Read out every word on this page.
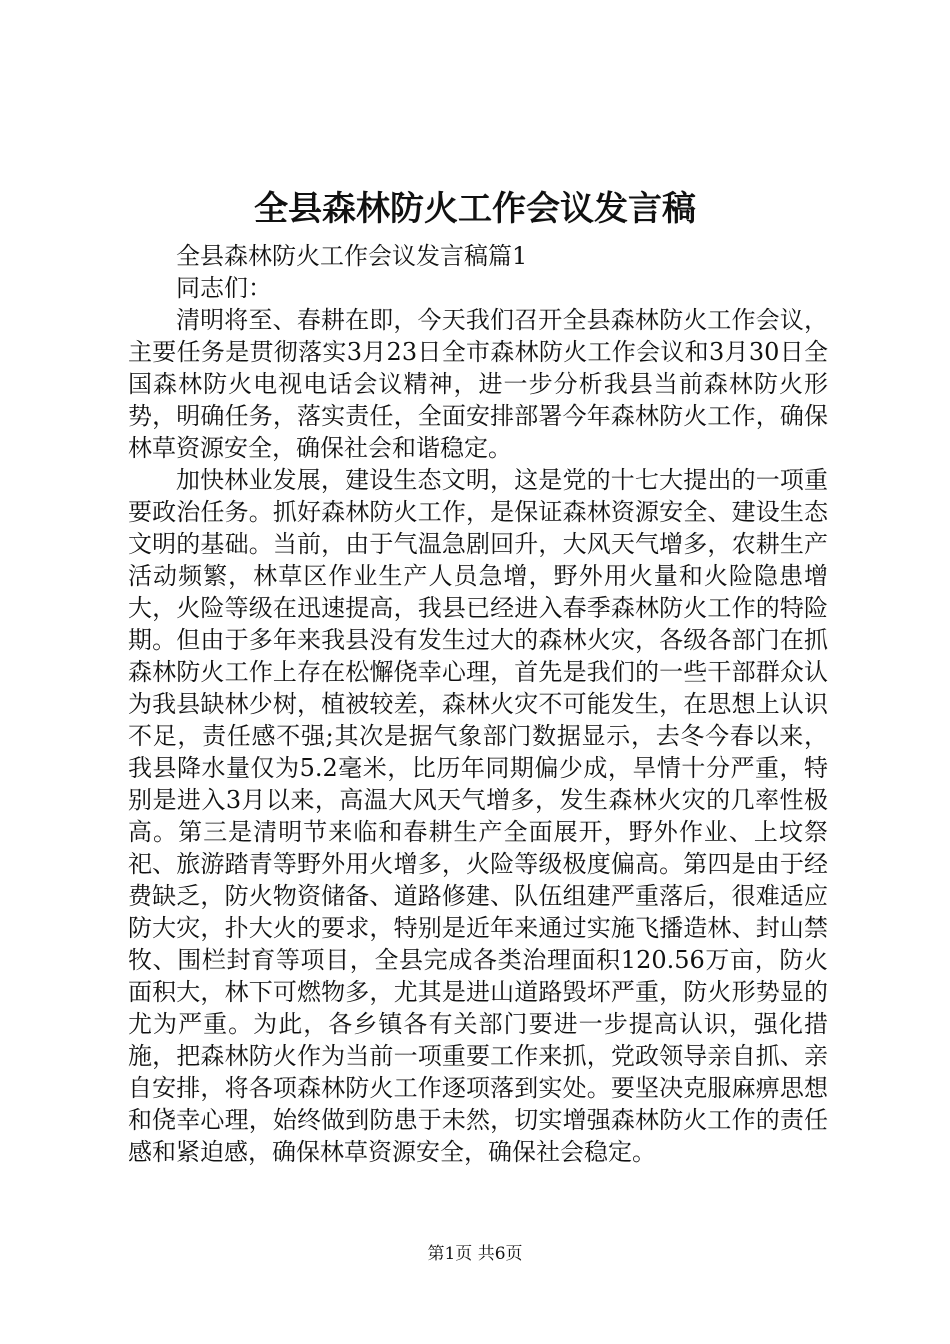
全县森林防火工作会议发言稿

全县森林防火工作会议发言稿篇1

同志们：

清明将至、春耕在即，今天我们召开全县森林防火工作会议，主要任务是贯彻落实3月23日全市森林防火工作会议和3月30日全国森林防火电视电话会议精神，进一步分析我县当前森林防火形势，明确任务，落实责任，全面安排部署今年森林防火工作，确保林草资源安全，确保社会和谐稳定。

加快林业发展，建设生态文明，这是党的十七大提出的一项重要政治任务。抓好森林防火工作，是保证森林资源安全、建设生态文明的基础。当前，由于气温急剧回升，大风天气增多，农耕生产活动频繁，林草区作业生产人员急增，野外用火量和火险隐患增大，火险等级在迅速提高，我县已经进入春季森林防火工作的特险期。但由于多年来我县没有发生过大的森林火灾，各级各部门在抓森林防火工作上存在松懈侥幸心理，首先是我们的一些干部群众认为我县缺林少树，植被较差，森林火灾不可能发生，在思想上认识不足，责任感不强;其次是据气象部门数据显示，去冬今春以来，我县降水量仅为5.2毫米，比历年同期偏少成，旱情十分严重，特别是进入3月以来，高温大风天气增多，发生森林火灾的几率性极高。第三是清明节来临和春耕生产全面展开，野外作业、上坟祭祀、旅游踏青等野外用火增多，火险等级极度偏高。第四是由于经费缺乏，防火物资储备、道路修建、队伍组建严重落后，很难适应防大灾，扑大火的要求，特别是近年来通过实施飞播造林、封山禁牧、围栏封育等项目，全县完成各类治理面积120.56万亩，防火面积大，林下可燃物多，尤其是进山道路毁坏严重，防火形势显的尤为严重。为此，各乡镇各有关部门要进一步提高认识，强化措施，把森林防火作为当前一项重要工作来抓，党政领导亲自抓、亲自安排，将各项森林防火工作逐项落到实处。要坚决克服麻痹思想和侥幸心理，始终做到防患于未然，切实增强森林防火工作的责任感和紧迫感，确保林草资源安全，确保社会稳定。

第1页 共6页
